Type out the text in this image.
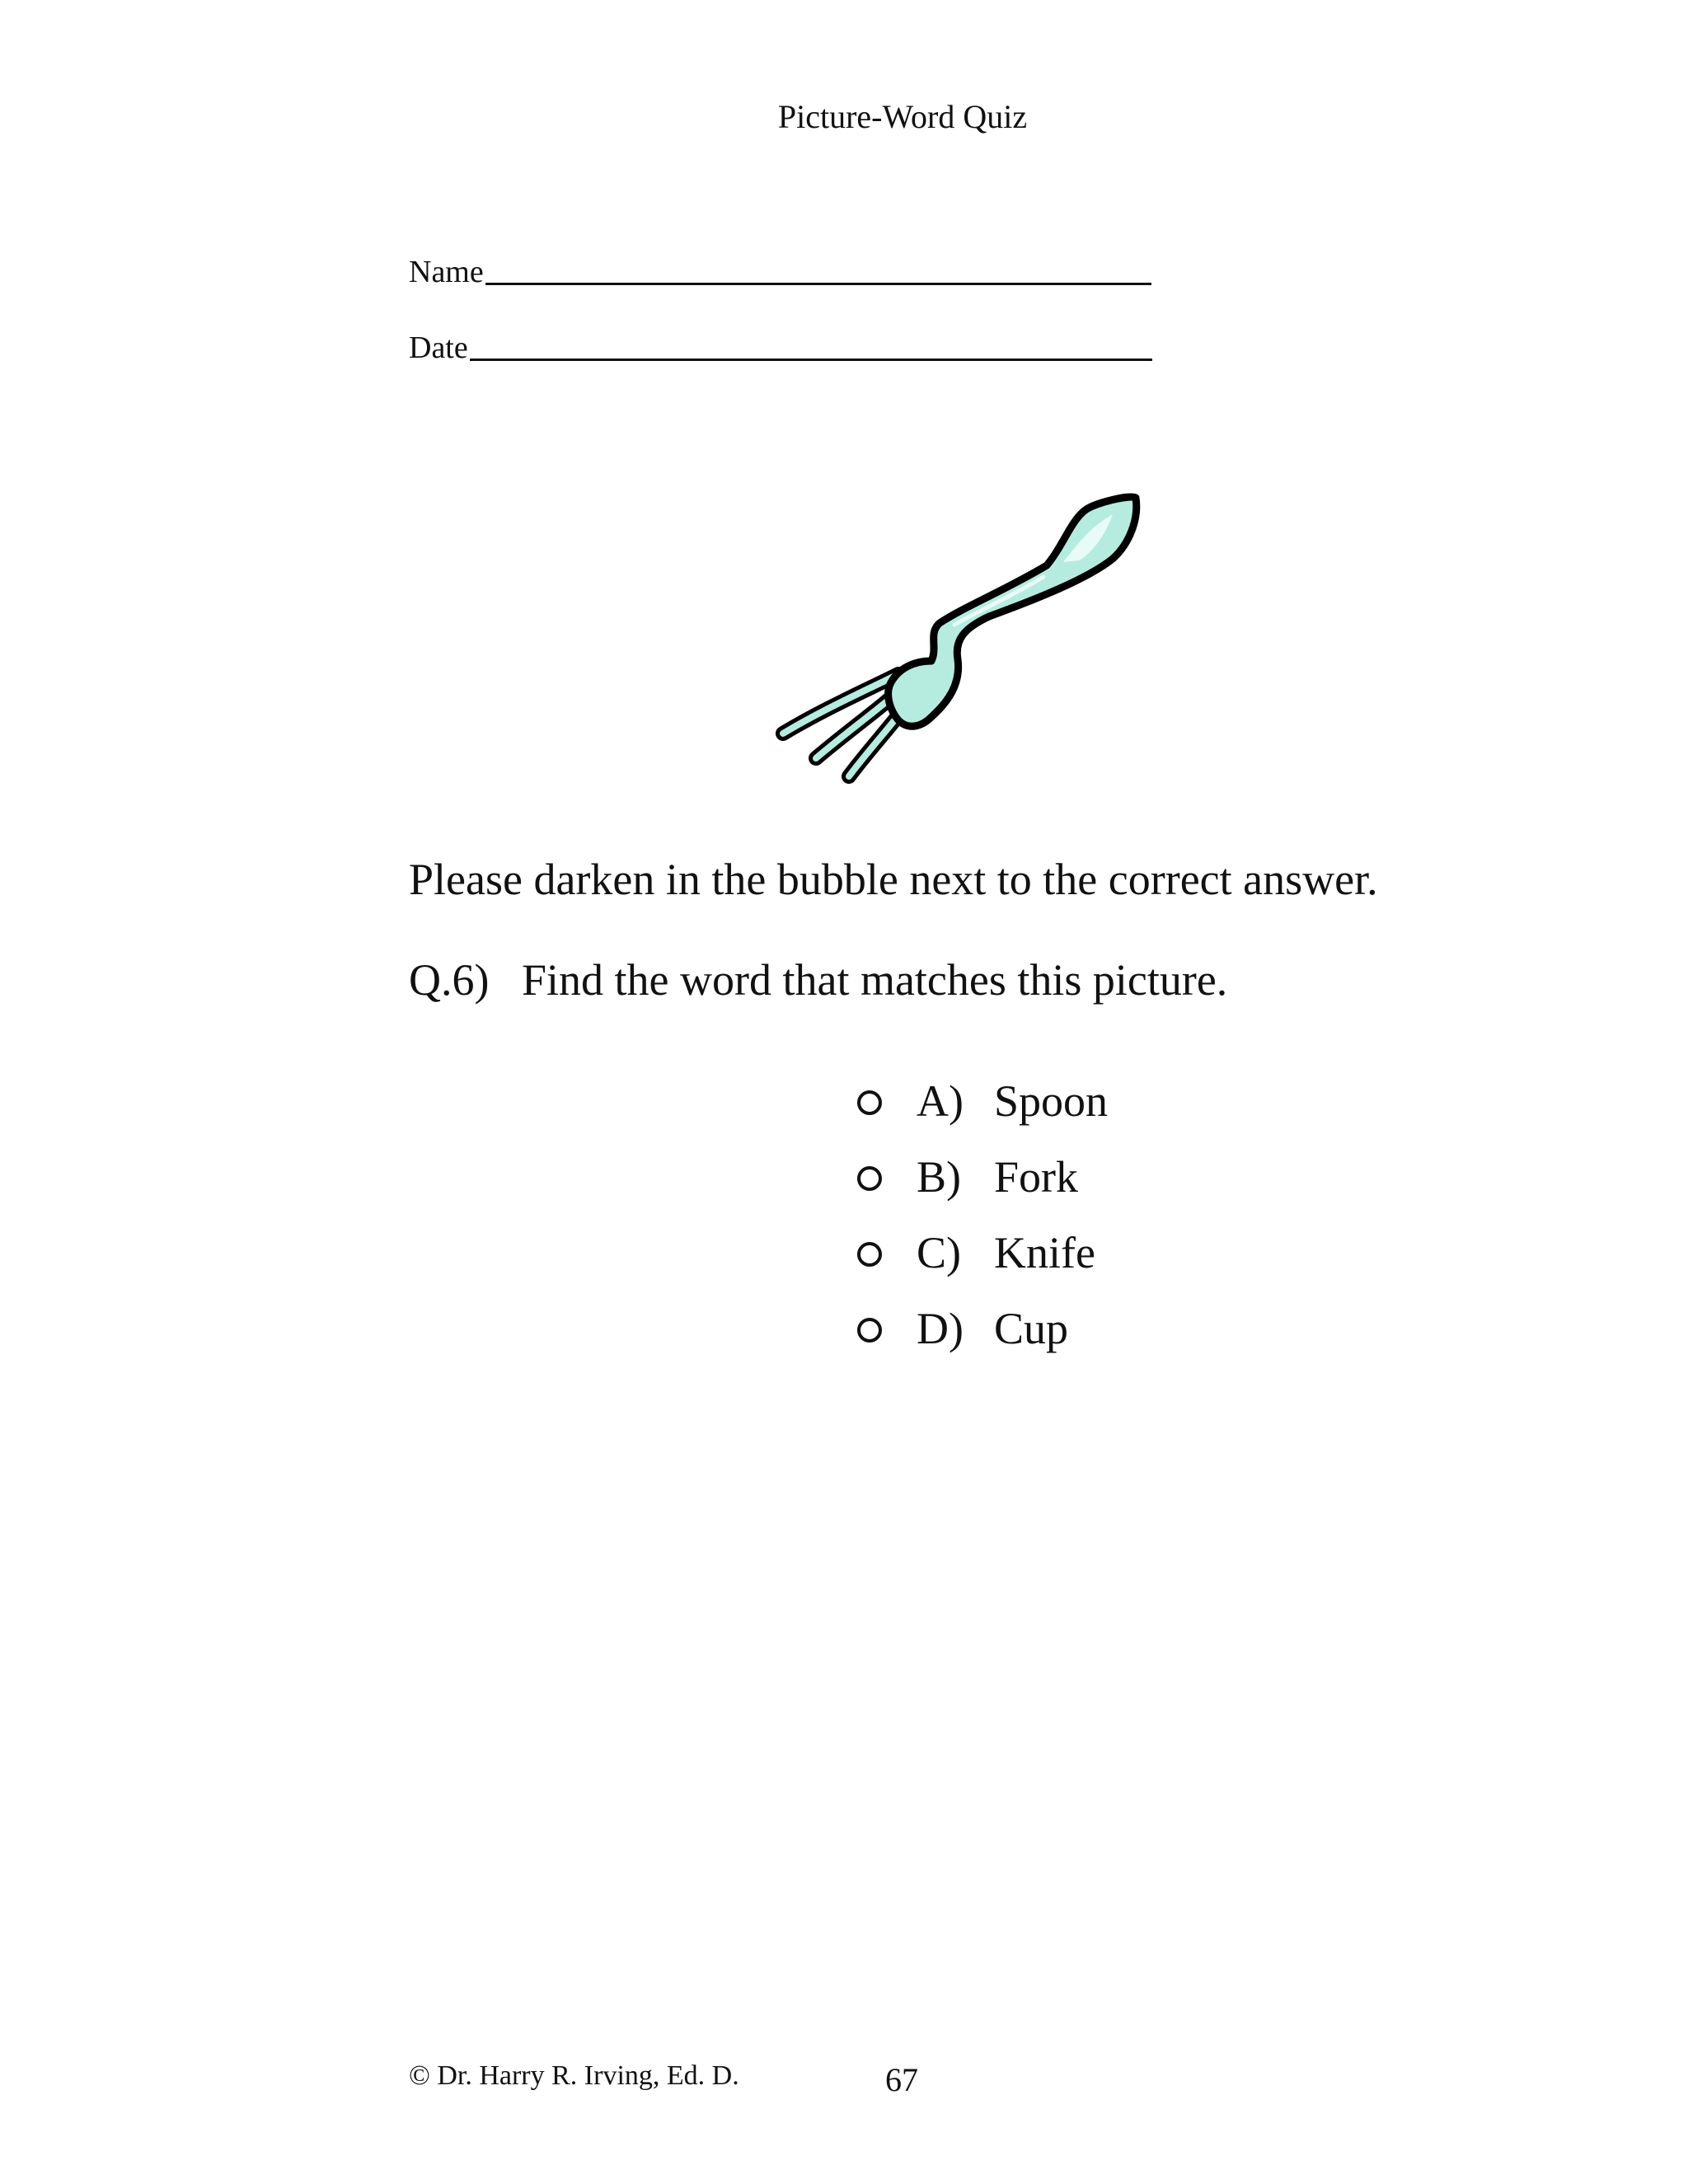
Picture-Word Quiz
Name
Date
Please darken in the bubble next to the correct answer.
Q.6) Find the word that matches this picture.
A) Spoon
B) Fork
C) Knife
D) Cup
© Dr. Harry R. Irving, Ed. D.	67
